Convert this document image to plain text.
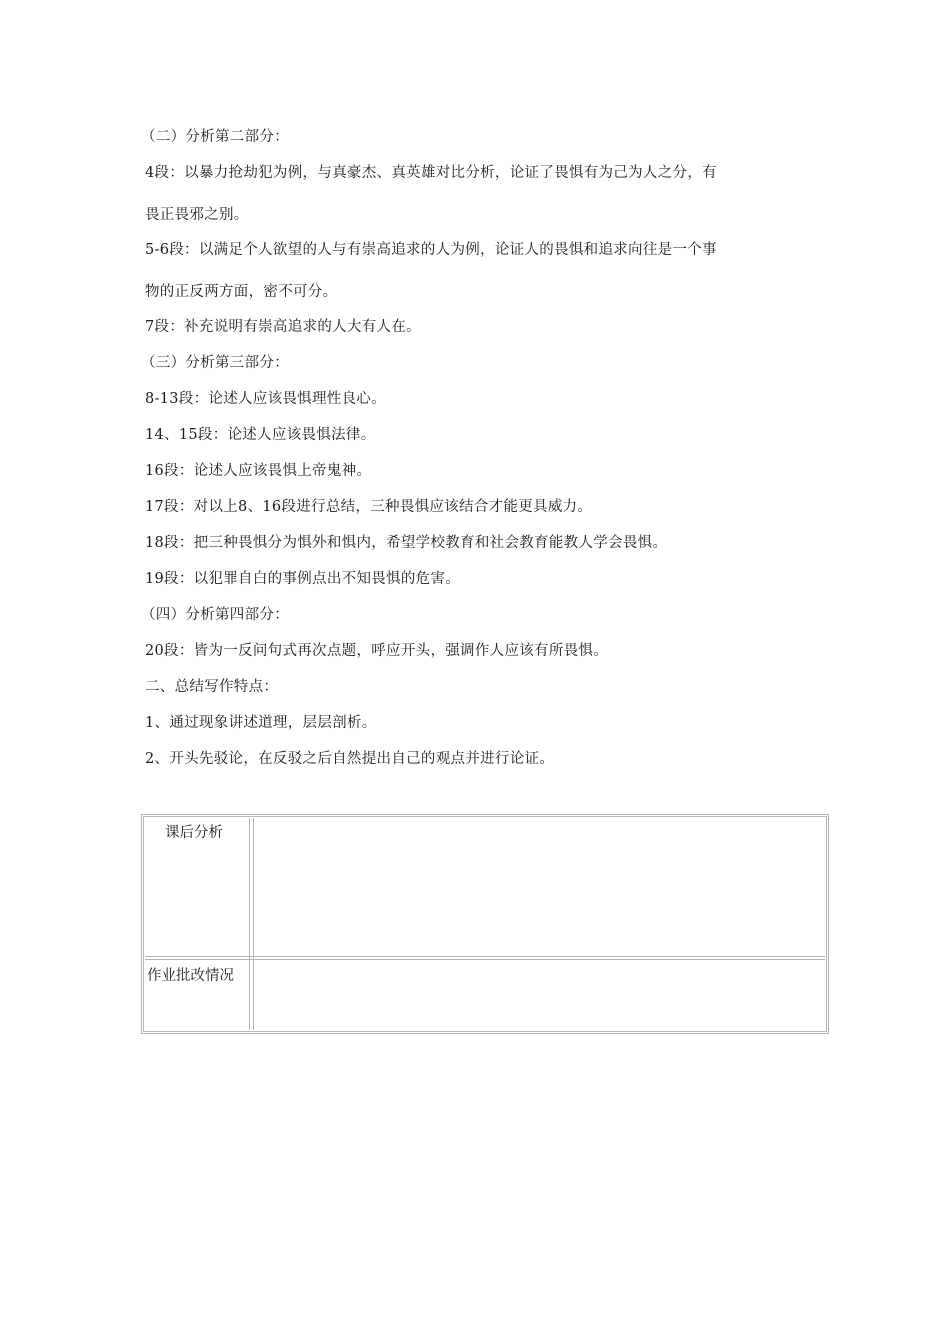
（二）分析第二部分：
4段：以暴力抢劫犯为例，与真豪杰、真英雄对比分析，论证了畏惧有为己为人之分，有
畏正畏邪之别。
5-6段：以满足个人欲望的人与有崇高追求的人为例，论证人的畏惧和追求向往是一个事
物的正反两方面，密不可分。
7段：补充说明有崇高追求的人大有人在。
（三）分析第三部分：
8-13段：论述人应该畏惧理性良心。
14、15段：论述人应该畏惧法律。
16段：论述人应该畏惧上帝鬼神。
17段：对以上8、16段进行总结，三种畏惧应该结合才能更具威力。
18段：把三种畏惧分为惧外和惧内，希望学校教育和社会教育能教人学会畏惧。
19段：以犯罪自白的事例点出不知畏惧的危害。
（四）分析第四部分：
20段：皆为一反问句式再次点题，呼应开头，强调作人应该有所畏惧。
二、总结写作特点：
1、通过现象讲述道理，层层剖析。
2、开头先驳论，在反驳之后自然提出自己的观点并进行论证。
课后分析
作业批改情况
